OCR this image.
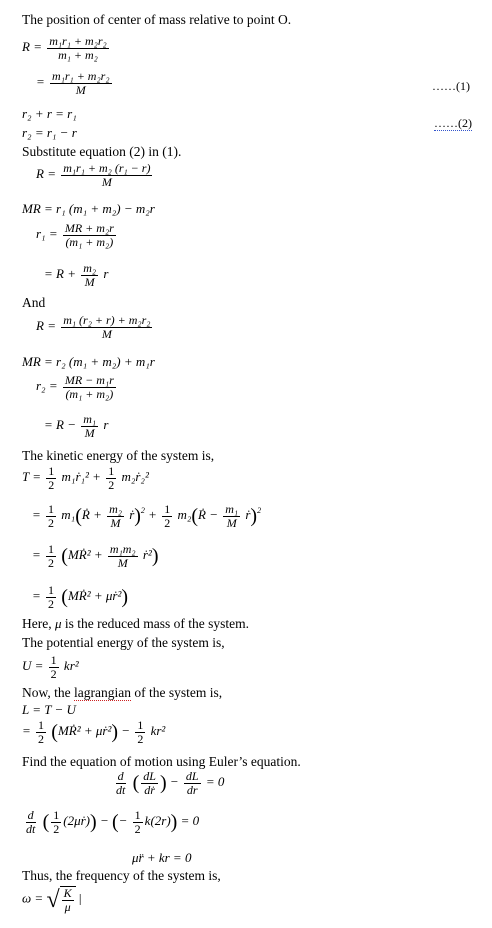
The position of center of mass relative to point O.
$R = \frac{\text{m₁r₁ + m₂r₂}}{\text{m₁ + m₂}}$
= $\frac{\text{m₁r₁ + m₂r₂}}{M}$	……(1)
r₂ + r = r₁
r₂ = r₁ − r
……(2)
Substitute equation (2) in (1).
$R = \frac{\text{m₁r₁ + m₂ (r₁ − r)}}{M}$
MR = r₁ (m₁ + m₂) − m₂r
$r_1 = \frac{\text{MR + m₂r}}{\text{(m₁ + m₂)}}$
= $R + \frac{\text{m₂}}{M}$ r
And
$R = \frac{\text{m₁ (r₂ + r) + m₂r₂}}{M}$
MR = r₂ (m₁ + m₂) + m₁r
$r_2 = \frac{\text{MR − m₁r}}{\text{(m₁ + m₂)}}$
= $R - \frac{\text{m₁}}{M}$ r
The kinetic energy of the system is,
$T = \frac{1}{2}$ m₁ṙ₁² + $\frac{1}{2}$ m₂ṙ₂²
= $\frac{1}{2}$ m₁(Ṙ + $\frac{\text{m₂}}{M}$ ṙ)$^2$ + $\frac{1}{2}$ m₂(Ṙ − $\frac{\text{m₁}}{M}$ ṙ)$^2$
= $\frac{1}{2}$ (MṘ² + $\frac{\text{m₁m₂}}{M}$ ṙ²)
= $\frac{1}{2}$ (MṘ² + μṙ²)
Here, μ is the reduced mass of the system.
The potential energy of the system is,
$U = \frac{1}{2} kr^2$
Now, the lagrangian of the system is,
L = T − U
= $\frac{1}{2}$ (MṘ² + μṙ²) − $\frac{1}{2} kr^2$
Find the equation of motion using Euler’s equation.
$\frac{d}{dt}$ ( $\frac{dL}{\text{dṙ}}$ ) − $\frac{dL}{dr} = 0$
$\frac{d}{dt}$ ( $\frac{1}{2}$ (2μṙ)) − (− $\frac{1}{2} k(2r)) = 0$
μr̈ + kr = 0
Thus, the frequency of the system is,
ω = √ $\frac{K}{\mu}$ |
